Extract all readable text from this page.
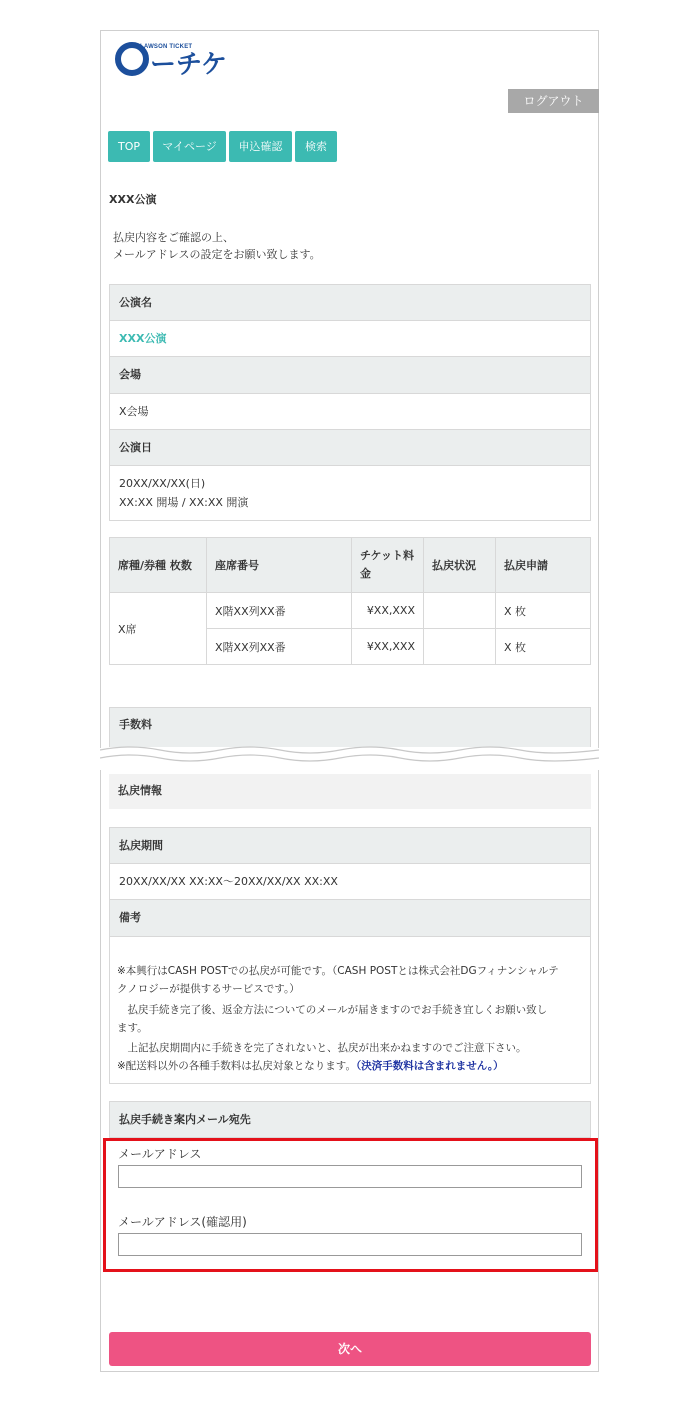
LAWSON TICKET
ーチケ
ログアウト
TOP	マイページ	申込確認	検索
XXX公演
払戻内容をご確認の上、
メールアドレスの設定をお願い致します。
公演名
XXX公演
会場
X会場
公演日
20XX/XX/XX(日)
XX:XX 開場 / XX:XX 開演
席種/券種 枚数	座席番号	チケット料金	払戻状況	払戻申請
X席	X階XX列XX番	¥XX,XXX		X 枚
	X階XX列XX番	¥XX,XXX		X 枚
手数料
払戻情報
払戻期間
20XX/XX/XX XX:XX～20XX/XX/XX XX:XX
備考
※本興行はCASH POSTでの払戻が可能です。（CASH POSTとは株式会社DGフィナンシャルテ
クノロジーが提供するサービスです。）
　払戻手続き完了後、返金方法についてのメールが届きますのでお手続き宜しくお願い致し
ます。
　上記払戻期間内に手続きを完了されないと、払戻が出来かねますのでご注意下さい。
※配送料以外の各種手数料は払戻対象となります。（決済手数料は含まれません。）
払戻手続き案内メール宛先
メールアドレス
メールアドレス(確認用)
次へ
